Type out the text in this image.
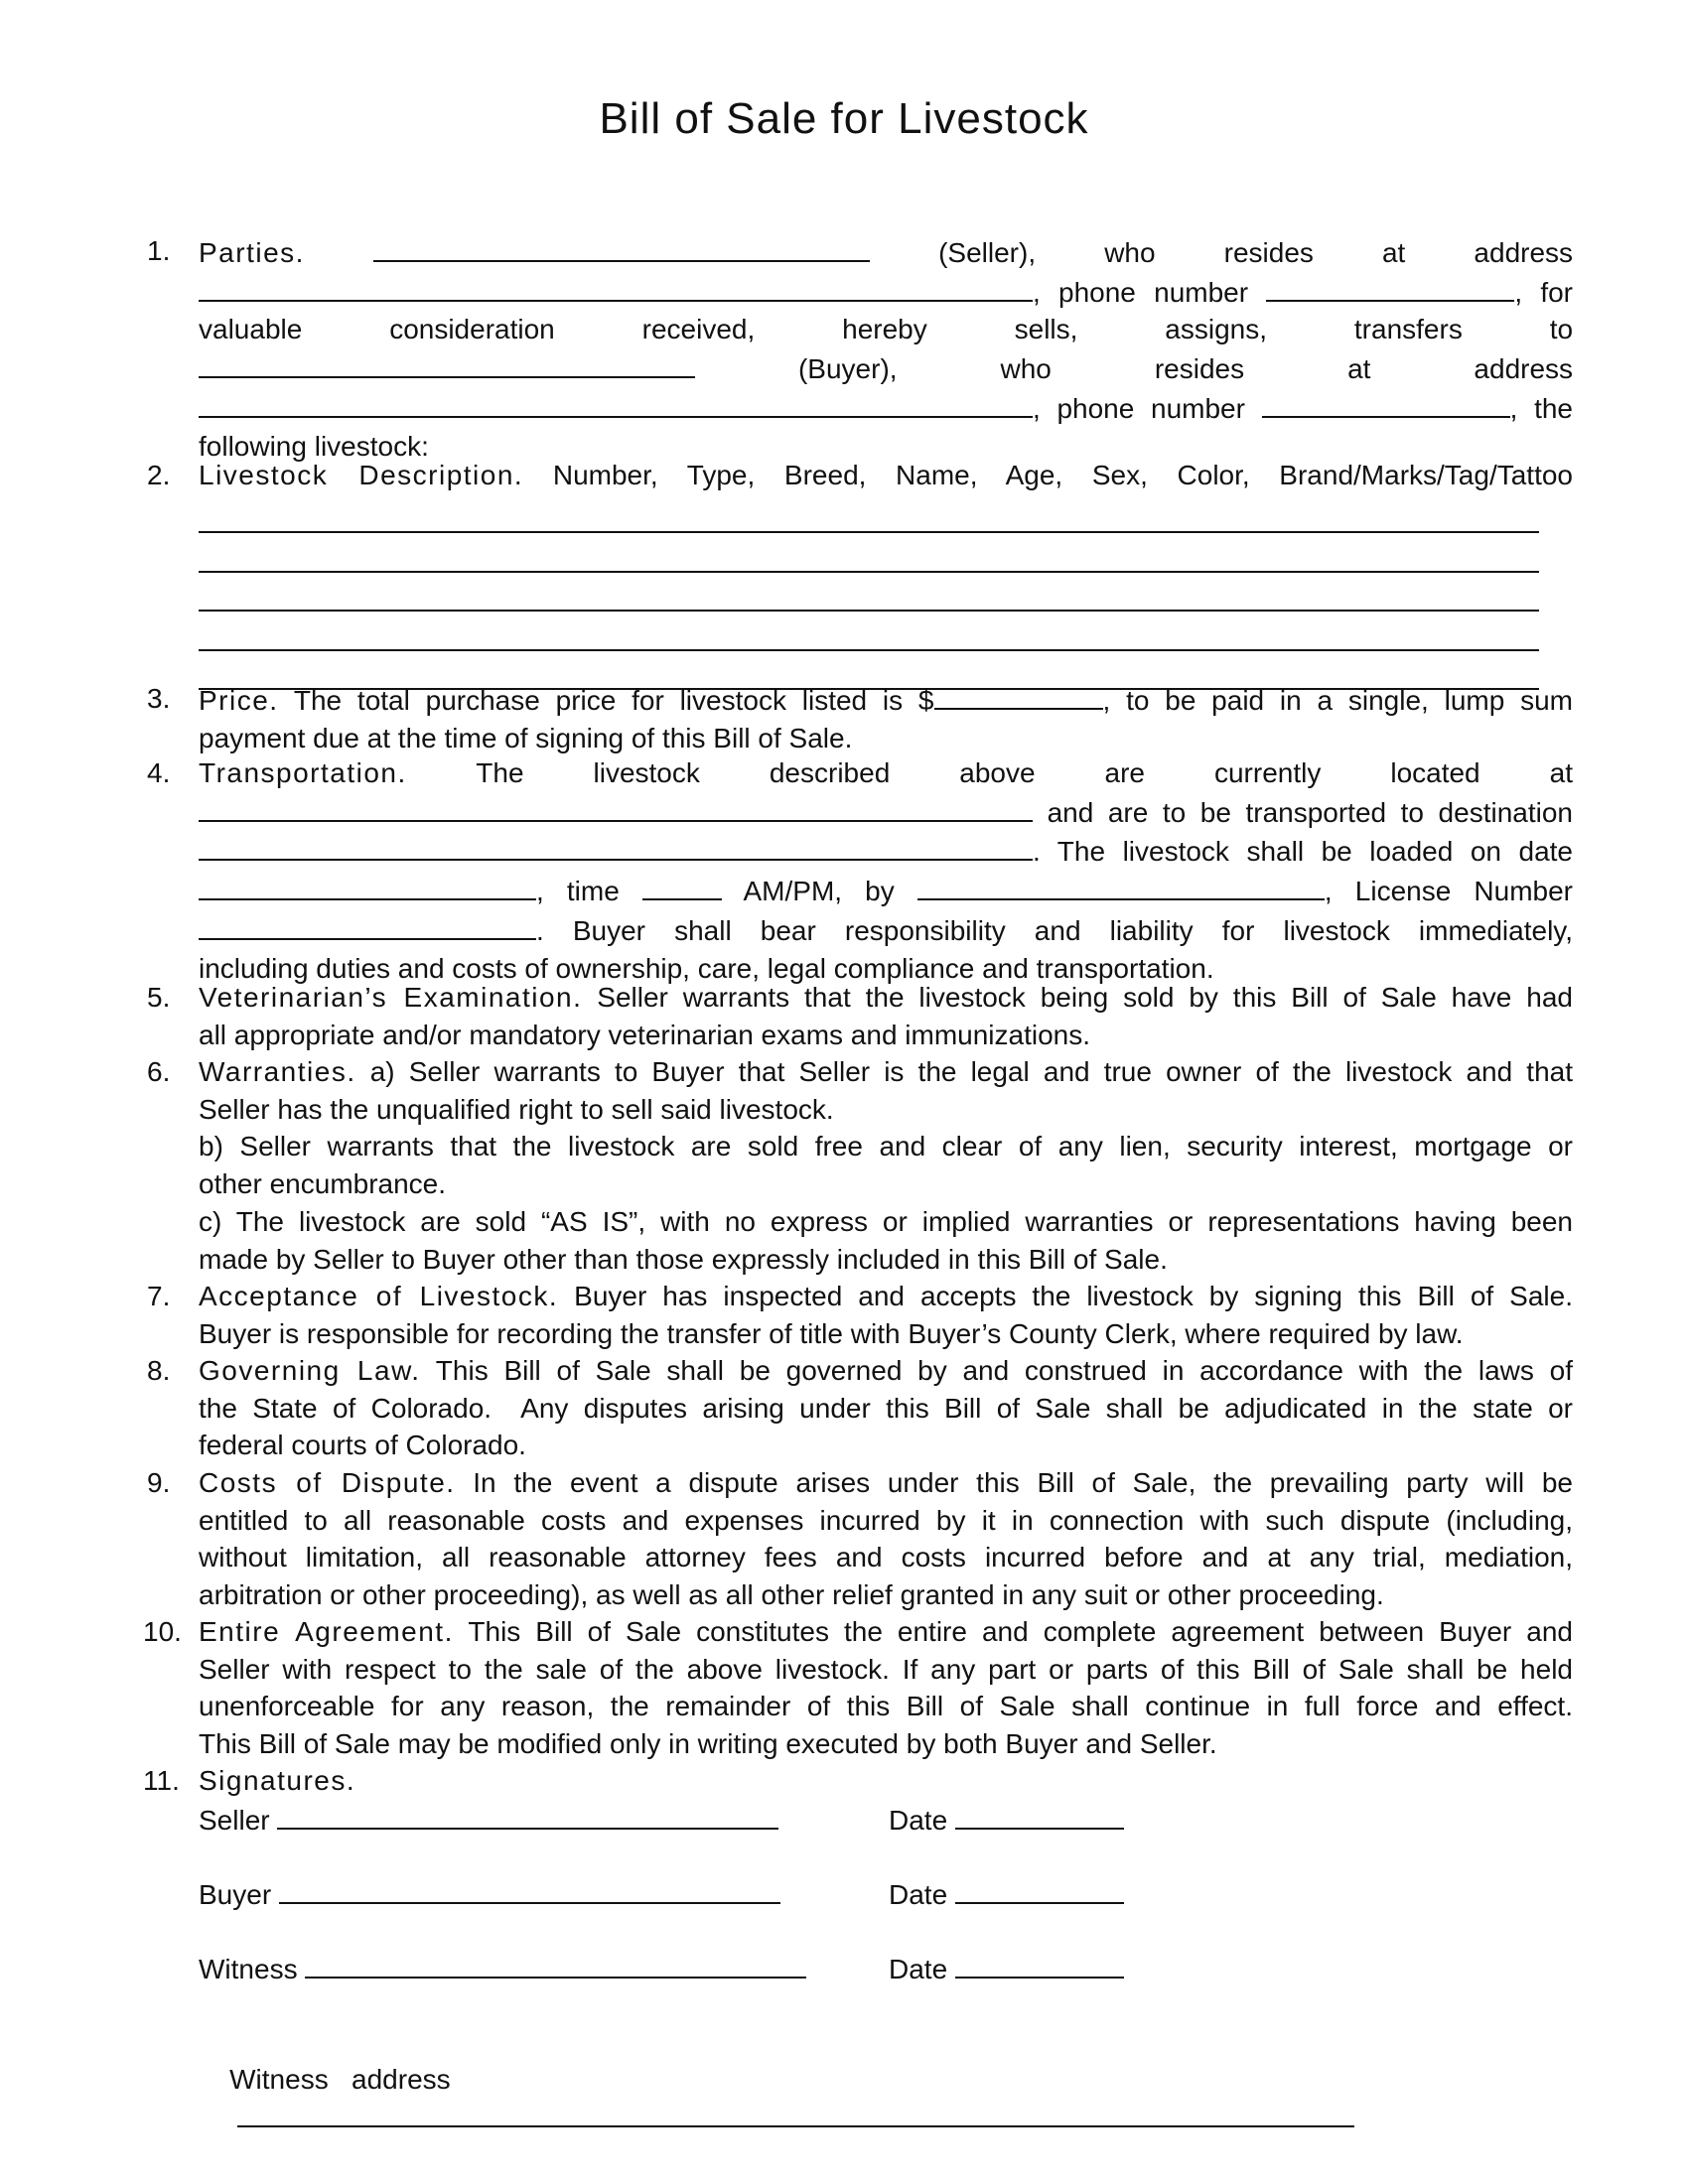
Bill of Sale for Livestock
1. Parties.	(Seller), who resides at address
, phone number	, for
valuable	consideration	received,	hereby	sells,	assigns,	transfers	to
(Buyer),	who	resides	at	address
, phone number	, the
following livestock:
2. Livestock Description. Number, Type, Breed, Name, Age, Sex, Color, Brand/Marks/Tag/Tattoo
3. Price. The total purchase price for livestock listed is $	, to be paid in a single, lump sum
payment due at the time of signing of this Bill of Sale.
4. Transportation. The livestock described above are currently located at
and are to be transported to destination
. The livestock shall be loaded on date
, time	AM/PM, by	, License Number
. Buyer shall bear responsibility and liability for livestock immediately,
including duties and costs of ownership, care, legal compliance and transportation.
5. Veterinarian’s Examination. Seller warrants that the livestock being sold by this Bill of Sale have had
all appropriate and/or mandatory veterinarian exams and immunizations.
6. Warranties. a) Seller warrants to Buyer that Seller is the legal and true owner of the livestock and that
Seller has the unqualified right to sell said livestock.
b) Seller warrants that the livestock are sold free and clear of any lien, security interest, mortgage or
other encumbrance.
c) The livestock are sold “AS IS”, with no express or implied warranties or representations having been
made by Seller to Buyer other than those expressly included in this Bill of Sale.
7. Acceptance of Livestock. Buyer has inspected and accepts the livestock by signing this Bill of Sale.
Buyer is responsible for recording the transfer of title with Buyer’s County Clerk, where required by law.
8. Governing Law. This Bill of Sale shall be governed by and construed in accordance with the laws of
the State of Colorado.  Any disputes arising under this Bill of Sale shall be adjudicated in the state or
federal courts of Colorado.
9. Costs of Dispute. In the event a dispute arises under this Bill of Sale, the prevailing party will be
entitled to all reasonable costs and expenses incurred by it in connection with such dispute (including,
without limitation, all reasonable attorney fees and costs incurred before and at any trial, mediation,
arbitration or other proceeding), as well as all other relief granted in any suit or other proceeding.
10. Entire Agreement. This Bill of Sale constitutes the entire and complete agreement between Buyer and
Seller with respect to the sale of the above livestock. If any part or parts of this Bill of Sale shall be held
unenforceable for any reason, the remainder of this Bill of Sale shall continue in full force and effect.
This Bill of Sale may be modified only in writing executed by both Buyer and Seller.
11. Signatures.
Seller	Date
Buyer	Date
Witness	Date

Witness   address
